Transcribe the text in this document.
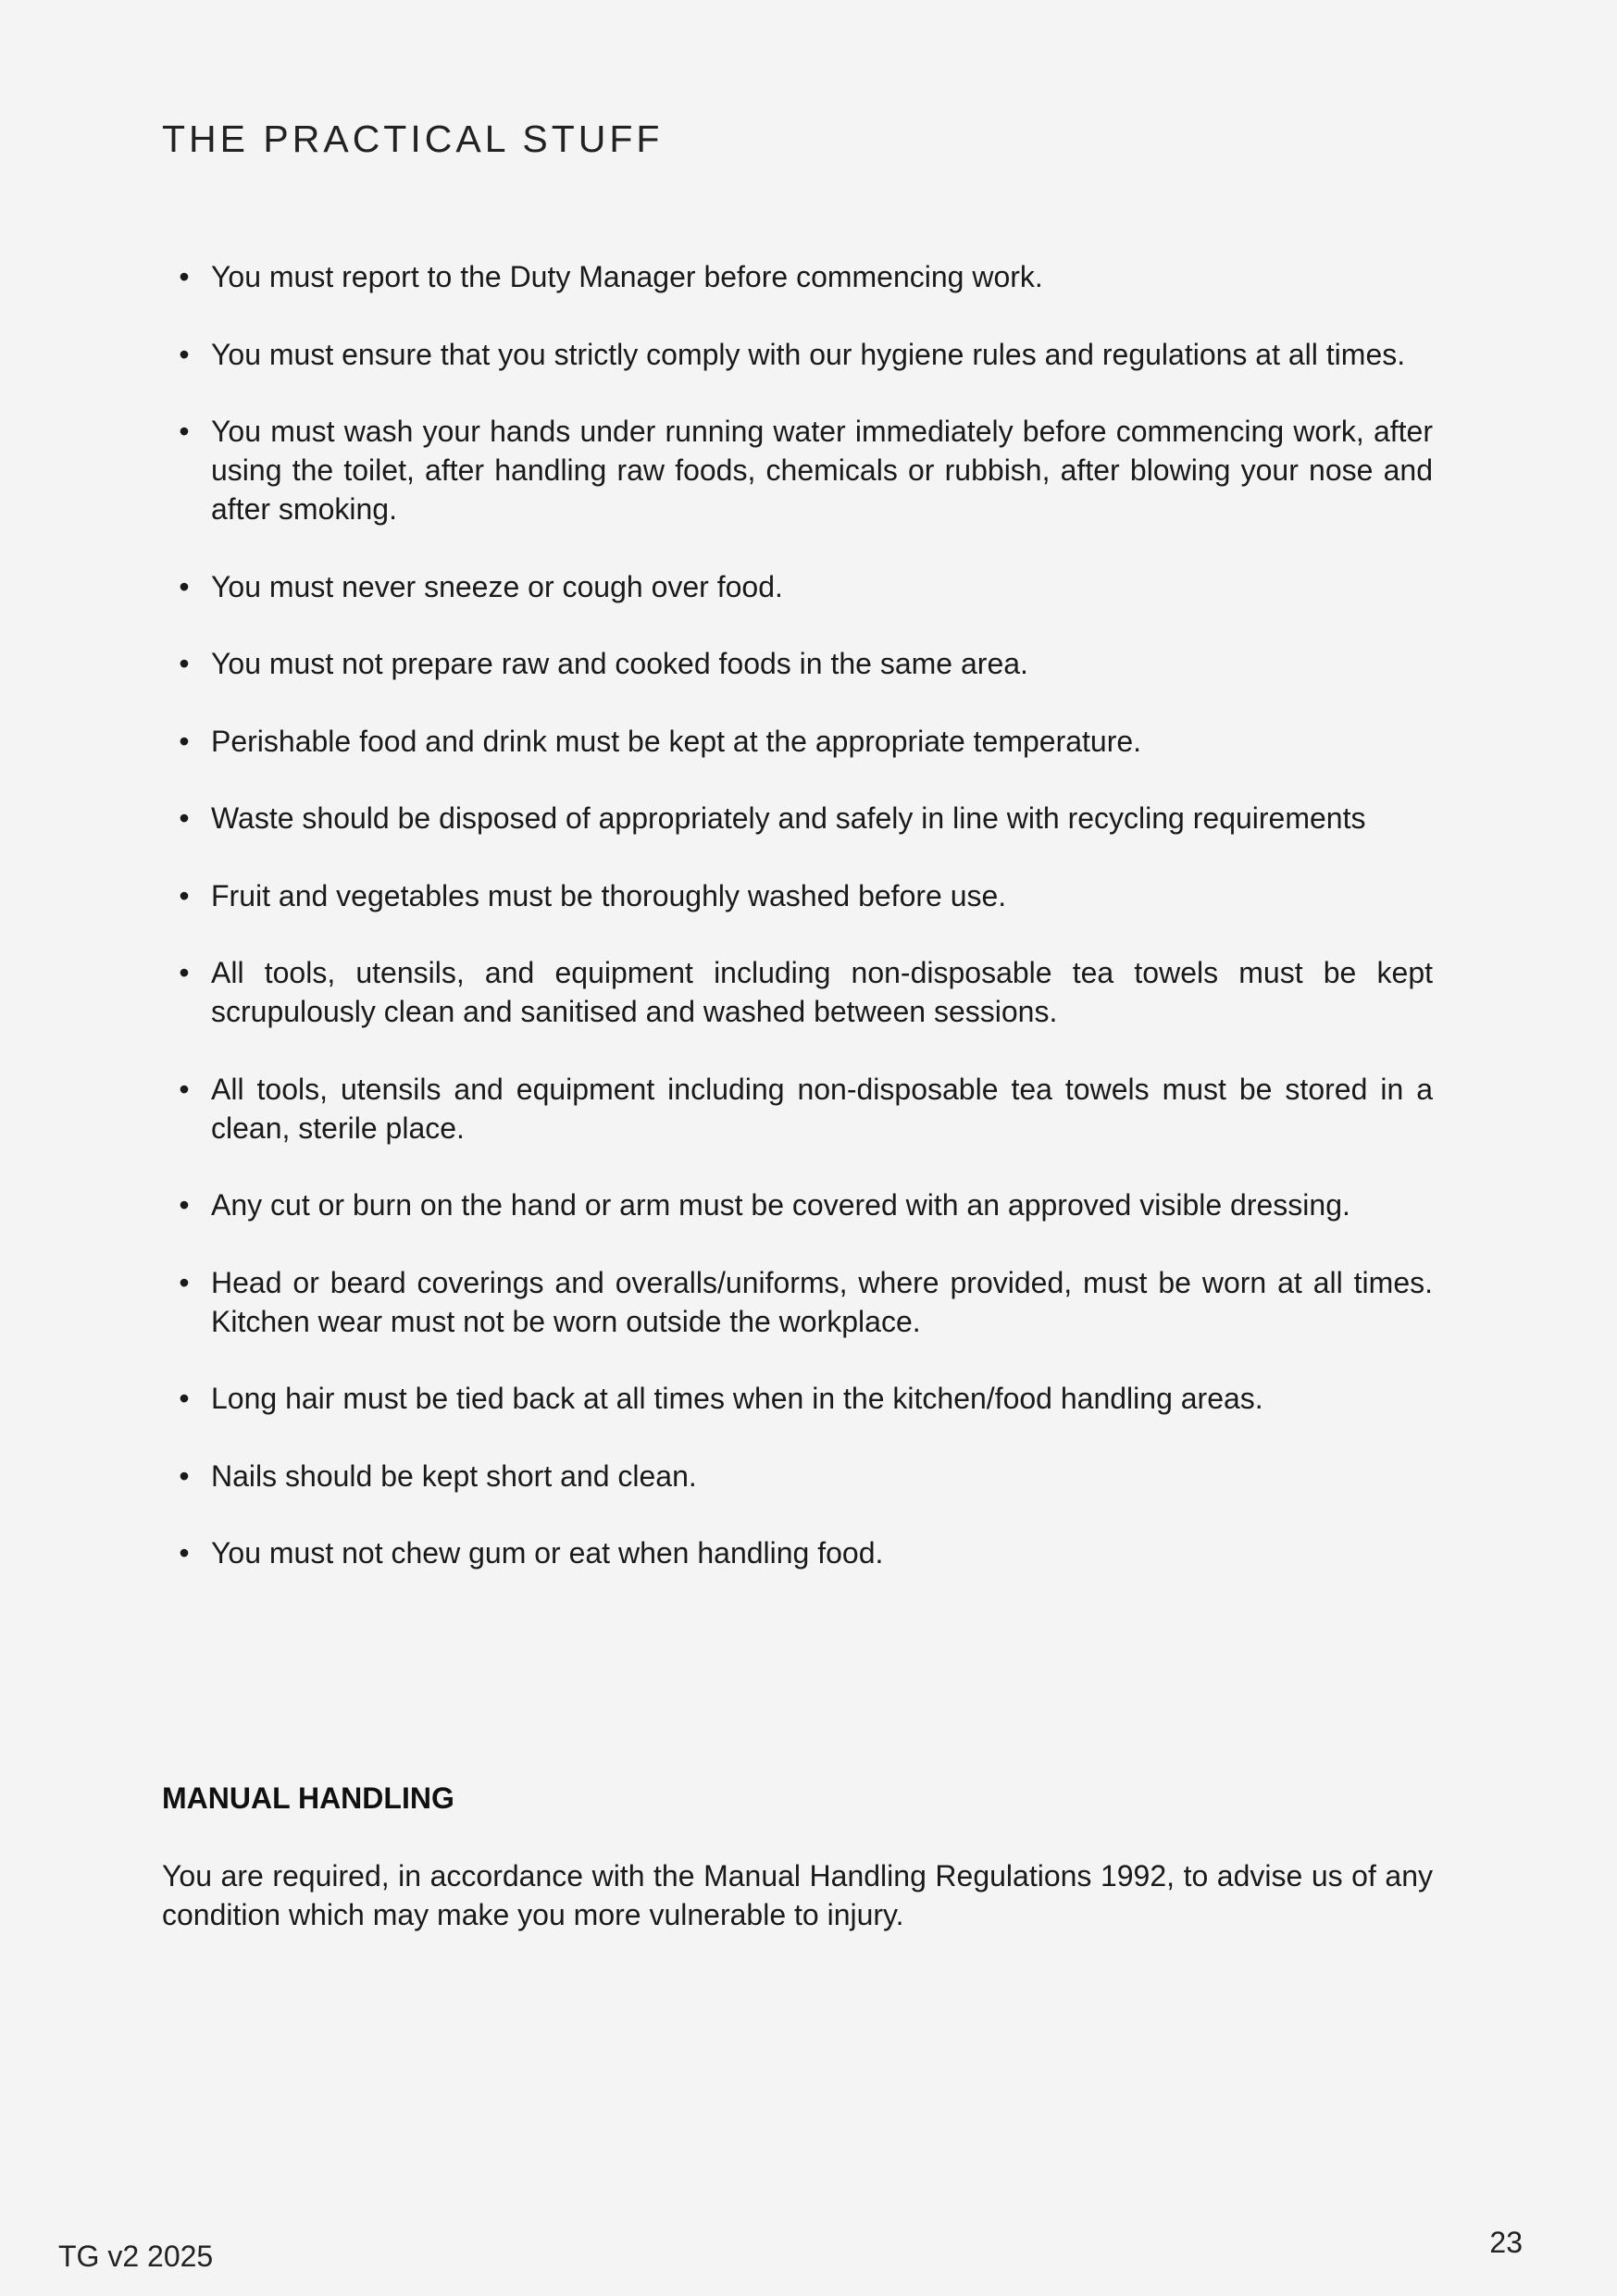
THE PRACTICAL STUFF
• You must report to the Duty Manager before commencing work.
• You must ensure that you strictly comply with our hygiene rules and regulations at all times.
• You must wash your hands under running water immediately before commencing work, after using the toilet, after handling raw foods, chemicals or rubbish, after blowing your nose and after smoking.
• You must never sneeze or cough over food.
• You must not prepare raw and cooked foods in the same area.
• Perishable food and drink must be kept at the appropriate temperature.
• Waste should be disposed of appropriately and safely in line with recycling requirements
• Fruit and vegetables must be thoroughly washed before use.
• All tools, utensils, and equipment including non-disposable tea towels must be kept scrupulously clean and sanitised and washed between sessions.
• All tools, utensils and equipment including non-disposable tea towels must be stored in a clean, sterile place.
• Any cut or burn on the hand or arm must be covered with an approved visible dressing.
• Head or beard coverings and overalls/uniforms, where provided, must be worn at all times. Kitchen wear must not be worn outside the workplace.
• Long hair must be tied back at all times when in the kitchen/food handling areas.
• Nails should be kept short and clean.
• You must not chew gum or eat when handling food.
MANUAL HANDLING

You are required, in accordance with the Manual Handling Regulations 1992, to advise us of any condition which may make you more vulnerable to injury.

TG v2 2025	23
